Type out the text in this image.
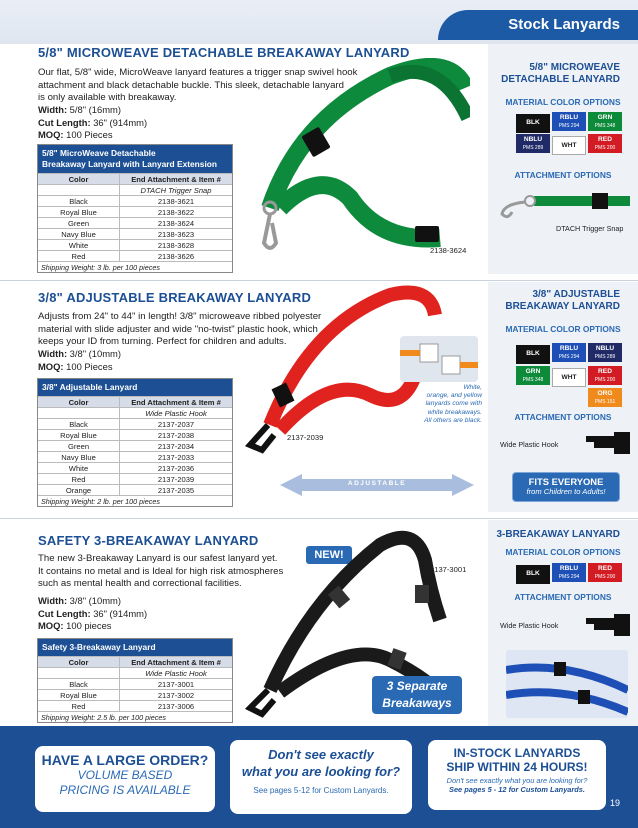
Stock Lanyards
5/8" MICROWEAVE DETACHABLE BREAKAWAY LANYARD
Our flat, 5/8" wide, MicroWeave lanyard features a trigger snap swivel hook
attachment and black detachable buckle. This sleek, detachable lanyard
is only available with breakaway.
Width: 5/8" (16mm)
Cut Length: 36" (914mm)
MOQ: 100 Pieces
5/8" MicroWeave Detachable
Breakaway Lanyard with Lanyard Extension
Color	End Attachment & Item #
DTACH Trigger Snap
Black	2138-3621
Royal Blue	2138-3622
Green	2138-3624
Navy Blue	2138-3623
White	2138-3628
Red	2138-3626
Shipping Weight: 3 lb. per 100 pieces
2138-3624
5/8" MICROWEAVE
DETACHABLE LANYARD
MATERIAL COLOR OPTIONS
BLK
RBLU
PMS 294
GRN
PMS 348
NBLU
PMS 289	WHT
RED
PMS 200
ATTACHMENT OPTIONS
DTACH Trigger Snap
3/8" ADJUSTABLE BREAKAWAY LANYARD
Adjusts from 24" to 44" in length! 3/8" microweave ribbed polyester
material with slide adjuster and wide "no-twist" plastic hook, which
keeps your ID from turning. Perfect for children and adults.
Width: 3/8" (10mm)
MOQ: 100 Pieces
3/8" Adjustable Lanyard
Color	End Attachment & Item #
Wide Plastic Hook
Black	2137-2037
Royal Blue	2137-2038
Green	2137-2034
Navy Blue	2137-2033
White	2137-2036
Red	2137-2039
Orange	2137-2035
Shipping Weight: 2 lb. per 100 pieces
2137-2039
White,
orange, and yellow
lanyards come with
white breakaways.
All others are black.
ADJUSTABLE
3/8" ADJUSTABLE
BREAKAWAY LANYARD
MATERIAL COLOR OPTIONS
BLK
RBLU
PMS 294
NBLU
PMS 289
GRN
PMS 348	WHT
RED
PMS 200
ORG
PMS 151
ATTACHMENT OPTIONS
Wide Plastic Hook
FITS EVERYONE
from Children to Adults!
SAFETY 3-BREAKAWAY LANYARD
The new 3-Breakaway Lanyard is our safest lanyard yet.
It contains no metal and is Ideal for high risk atmospheres
such as mental health and correctional facilities.
Width: 3/8" (10mm)
Cut Length: 36" (914mm)
MOQ: 100 pieces
Safety 3-Breakaway Lanyard
Color	End Attachment & Item #
Wide Plastic Hook
Black	2137-3001
Royal Blue	2137-3002
Red	2137-3006
Shipping Weight: 2.5 lb. per 100 pieces
NEW!
2137-3001
3 Separate
Breakaways
3-BREAKAWAY LANYARD
MATERIAL COLOR OPTIONS
BLK
RBLU
PMS 294
RED
PMS 200
ATTACHMENT OPTIONS
Wide Plastic Hook
HAVE A LARGE ORDER?
VOLUME BASED
PRICING IS AVAILABLE
Don't see exactly
what you are looking for?
See pages 5-12 for Custom Lanyards.
IN-STOCK LANYARDS
SHIP WITHIN 24 HOURS!
Don't see exactly what you are looking for?
See pages 5 - 12 for Custom Lanyards.
19
